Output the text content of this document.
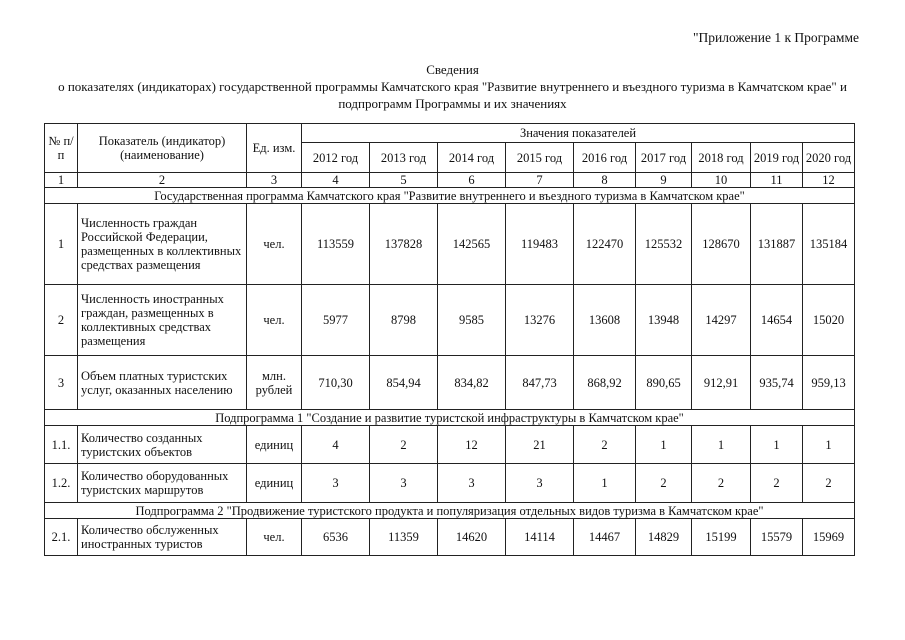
"Приложение 1 к Программе
Сведения
о показателях (индикаторах) государственной программы Камчатского края "Развитие внутреннего и въездного туризма в Камчатском крае" и
подпрограмм Программы и их значениях
№ п/п	Показатель (индикатор) (наименование)	Ед. изм.	Значения показателей								
			2012 год	2013 год	2014 год	2015 год	2016 год	2017 год	2018 год	2019 год	2020 год
1	2	3	4	5	6	7	8	9	10	11	12
Государственная программа Камчатского края "Развитие внутреннего и въездного туризма в Камчатском крае"											
1	Численность граждан Российской Федерации, размещенных в коллективных средствах размещения	чел.	113559	137828	142565	119483	122470	125532	128670	131887	135184
2	Численность иностранных граждан, размещенных в коллективных средствах размещения	чел.	5977	8798	9585	13276	13608	13948	14297	14654	15020
3	Объем платных туристских услуг, оказанных населению	млн. рублей	710,30	854,94	834,82	847,73	868,92	890,65	912,91	935,74	959,13
Подпрограмма 1 "Создание и развитие туристской инфраструктуры в Камчатском крае"											
1.1.	Количество созданных туристских объектов	единиц	4	2	12	21	2	1	1	1	1
1.2.	Количество оборудованных туристских маршрутов	единиц	3	3	3	3	1	2	2	2	2
Подпрограмма 2 "Продвижение туристского продукта и популяризация отдельных видов туризма в Камчатском крае"											
2.1.	Количество обслуженных иностранных туристов	чел.	6536	11359	14620	14114	14467	14829	15199	15579	15969
